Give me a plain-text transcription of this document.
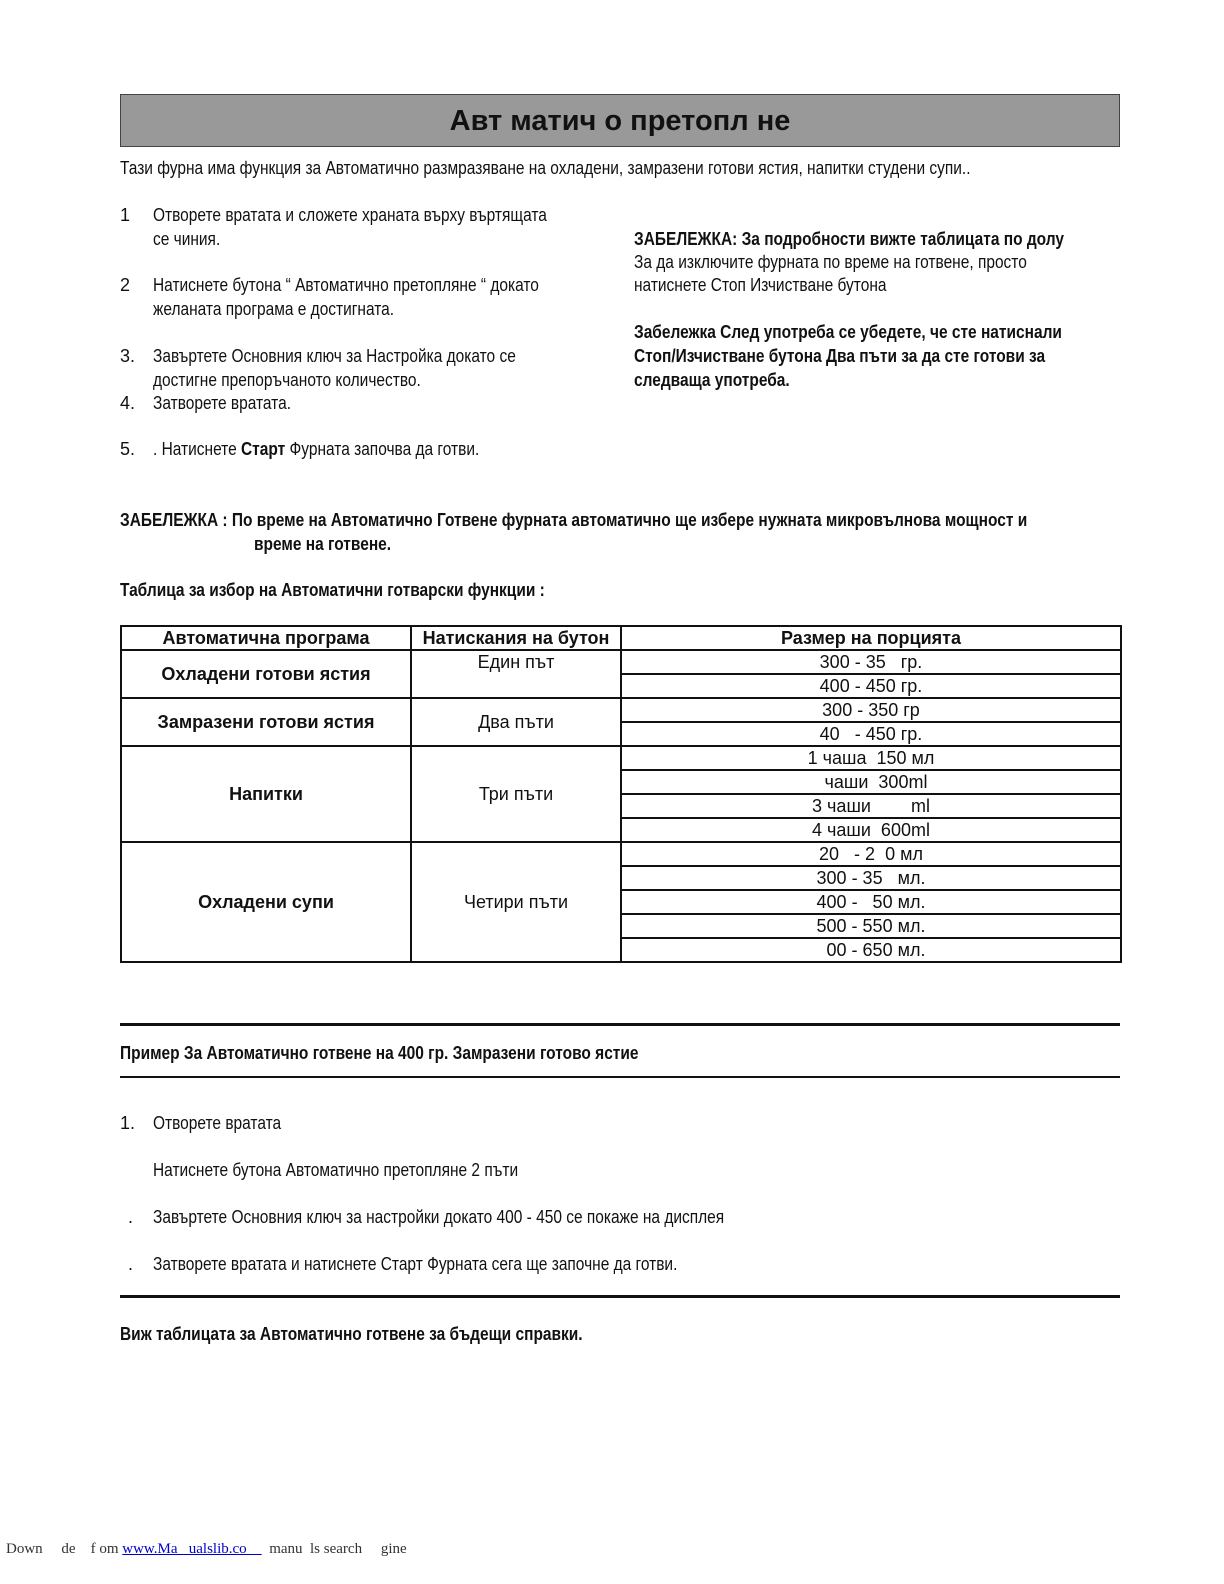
Авт матич о претопл не
Тази фурна има функция за Автоматично размразяване на охладени, замразени готови ястия, напитки студени супи..
1 Отворете вратата и сложете храната върху въртящата
се чиния.
2 Натиснете бутона “ Автоматично претопляне “ докато
желаната програма е достигната.
3. Завъртете Основния ключ за Настройка докато се
достигне препоръчаното количество.
4. Затворете вратата.
5. . Натиснете Старт Фурната започва да готви.
ЗАБЕЛЕЖКА: За подробности вижте таблицата по долу
За да изключите фурната по време на готвене, просто
натиснете Стоп Изчистване бутона
Забележка След употреба се убедете, че сте натиснали
Стоп/Изчистване бутона Два пъти за да сте готови за
следваща употреба.
ЗАБЕЛЕЖКА : По време на Автоматично Готвене фурната автоматично ще избере нужната микровълнова мощност и
време на готвене.
Таблица за избор на Автоматични готварски функции :
Автоматична програма	Натискания на бутон	Размер на порцията
Охладени готови ястия	Един път	300 - 35   гр.
		400 - 450 гр.
Замразени готови ястия	Два пъти	300 - 350 гр
		40   - 450 гр.
Напитки	Три пъти	1 чаша  150 мл
		чаши  300ml
		3 чаши        ml
		4 чаши  600ml
Охладени супи	Четири пъти	20   - 2  0 мл
		300 - 35   мл.
		400 -   50 мл.
		500 - 550 мл.
		00 - 650 мл.
Пример За Автоматично готвене на 400 гр. Замразени готово ястие
1. Отворете вратата
Натиснете бутона Автоматично претопляне 2 пъти
. Завъртете Основния ключ за настройки докато 400 - 450 се покаже на дисплея
. Затворете вратата и натиснете Старт Фурната сега ще започне да готви.
Виж таблицата за Автоматично готвене за бъдещи справки.
Down     de    f om www.Ma   ualslib.co      manu  ls search     gine
